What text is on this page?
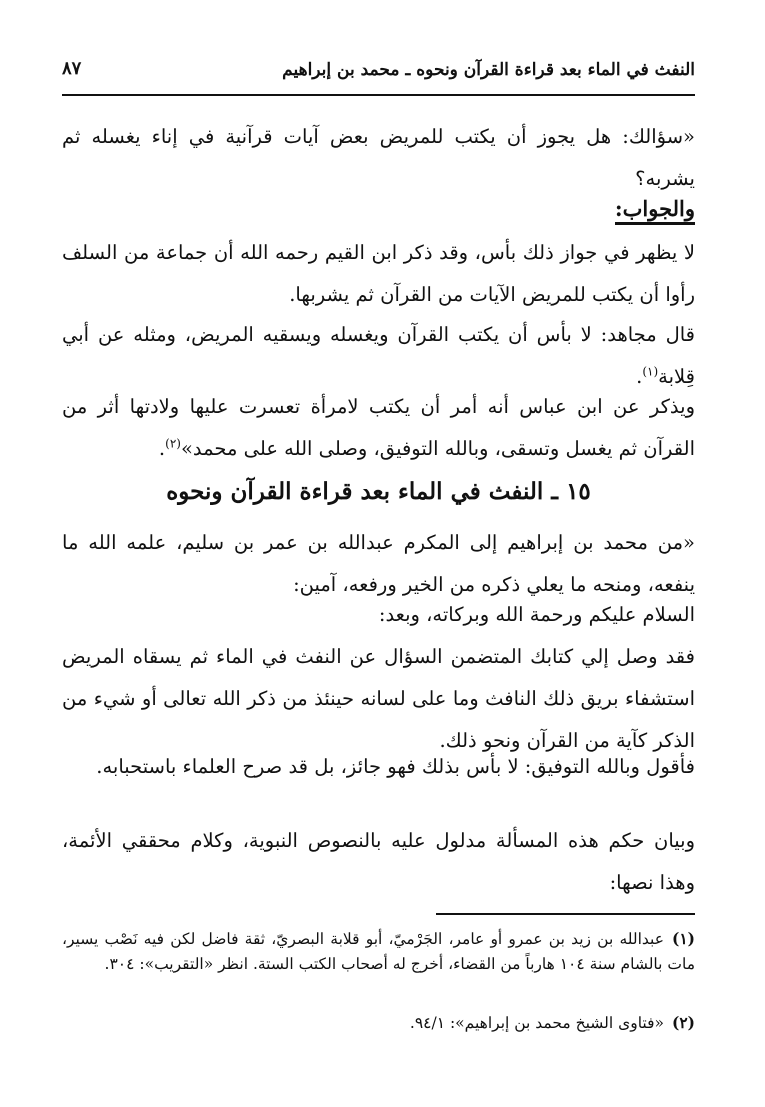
النفث في الماء بعد قراءة القرآن ونحوه ـ محمد بن إبراهيم
٨٧
«سؤالك: هل يجوز أن يكتب للمريض بعض آيات قرآنية في إناء يغسله ثم يشربه؟
والجواب:
لا يظهر في جواز ذلك بأس، وقد ذكر ابن القيم رحمه الله أن جماعة من السلف رأوا أن يكتب للمريض الآيات من القرآن ثم يشربها.
قال مجاهد: لا بأس أن يكتب القرآن ويغسله ويسقيه المريض، ومثله عن أبي قِلابة$^{(١)}$.
ويذكر عن ابن عباس أنه أمر أن يكتب لامرأة تعسرت عليها ولادتها أثر من القرآن ثم يغسل وتسقى، وبالله التوفيق، وصلى الله على محمد»$^{(٢)}$.
١٥ ـ النفث في الماء بعد قراءة القرآن ونحوه
«من محمد بن إبراهيم إلى المكرم عبدالله بن عمر بن سليم، علمه الله ما ينفعه، ومنحه ما يعلي ذكره من الخير ورفعه، آمين:
السلام عليكم ورحمة الله وبركاته، وبعد:
فقد وصل إلي كتابك المتضمن السؤال عن النفث في الماء ثم يسقاه المريض استشفاء بريق ذلك النافث وما على لسانه حينئذ من ذكر الله تعالى أو شيء من الذكر كآية من القرآن ونحو ذلك.
فأقول وبالله التوفيق: لا بأس بذلك فهو جائز، بل قد صرح العلماء باستحبابه.
وبيان حكم هذه المسألة مدلول عليه بالنصوص النبوية، وكلام محققي الأئمة، وهذا نصها:
(١)عبدالله بن زيد بن عمرو أو عامر، الجَرْميّ، أبو قلابة البصريّ، ثقة فاضل لكن فيه نَصْب يسير، مات بالشام سنة ١٠٤ هارباً من القضاء، أخرج له أصحاب الكتب الستة. انظر «التقريب»: ٣٠٤.
(٢)«فتاوى الشيخ محمد بن إبراهيم»: ٩٤/١.
